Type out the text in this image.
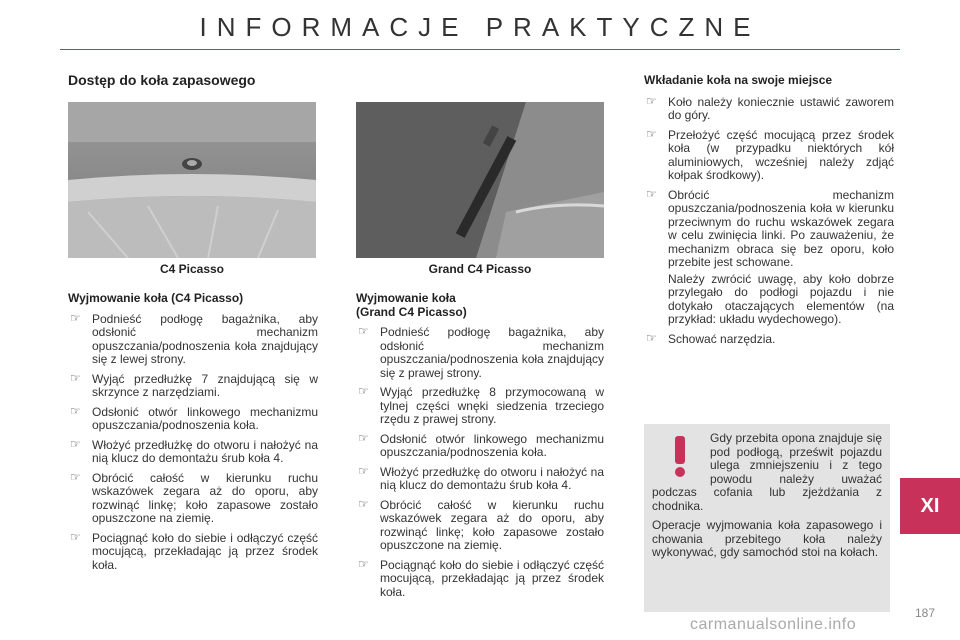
INFORMACJE PRAKTYCZNE
Dostęp do koła zapasowego
C4 Picasso	Grand C4 Picasso
Wyjmowanie koła (C4 Picasso)
☞ Podnieść podłogę bagażnika, aby odsłonić mechanizm opuszczania/podnoszenia koła znajdujący się z lewej strony.
☞ Wyjąć przedłużkę 7 znajdującą się w skrzynce z narzędziami.
☞ Odsłonić otwór linkowego mechanizmu opuszczania/podnoszenia koła.
☞ Włożyć przedłużkę do otworu i nałożyć na nią klucz do demontażu śrub koła 4.
☞ Obrócić całość w kierunku ruchu wskazówek zegara aż do oporu, aby rozwinąć linkę; koło zapasowe zostało opuszczone na ziemię.
☞ Pociągnąć koło do siebie i odłączyć część mocującą, przekładając ją przez środek koła.
Wyjmowanie koła
(Grand C4 Picasso)
☞ Podnieść podłogę bagażnika, aby odsłonić mechanizm opuszczania/podnoszenia koła znajdujący się z prawej strony.
☞ Wyjąć przedłużkę 8 przymocowaną w tylnej części wnęki siedzenia trzeciego rzędu z prawej strony.
☞ Odsłonić otwór linkowego mechanizmu opuszczania/podnoszenia koła.
☞ Włożyć przedłużkę do otworu i nałożyć na nią klucz do demontażu śrub koła 4.
☞ Obrócić całość w kierunku ruchu wskazówek zegara aż do oporu, aby rozwinąć linkę; koło zapasowe zostało opuszczone na ziemię.
☞ Pociągnąć koło do siebie i odłączyć część mocującą, przekładając ją przez środek koła.
Wkładanie koła na swoje miejsce
☞ Koło należy koniecznie ustawić zaworem do góry.
☞ Przełożyć część mocującą przez środek koła (w przypadku niektórych kół aluminiowych, wcześniej należy zdjąć kołpak środkowy).
☞ Obrócić mechanizm opuszczania/podnoszenia koła w kierunku przeciwnym do ruchu wskazówek zegara w celu zwinięcia linki. Po zauważeniu, że mechanizm obraca się bez oporu, koło przebite jest schowane.

Należy zwrócić uwagę, aby koło dobrze przylegało do podłogi pojazdu i nie dotykało otaczających elementów (na przykład: układu wydechowego).

☞ Schować narzędzia.

Gdy przebita opona znajduje się pod podłogą, prześwit pojazdu ulega zmniejszeniu i z tego powodu należy uważać podczas cofania lub zjeżdżania z chodnika.

Operacje wyjmowania koła zapasowego i chowania przebitego koła należy wykonywać, gdy samochód stoi na kołach.

XI
187
carmanualsonline.info
